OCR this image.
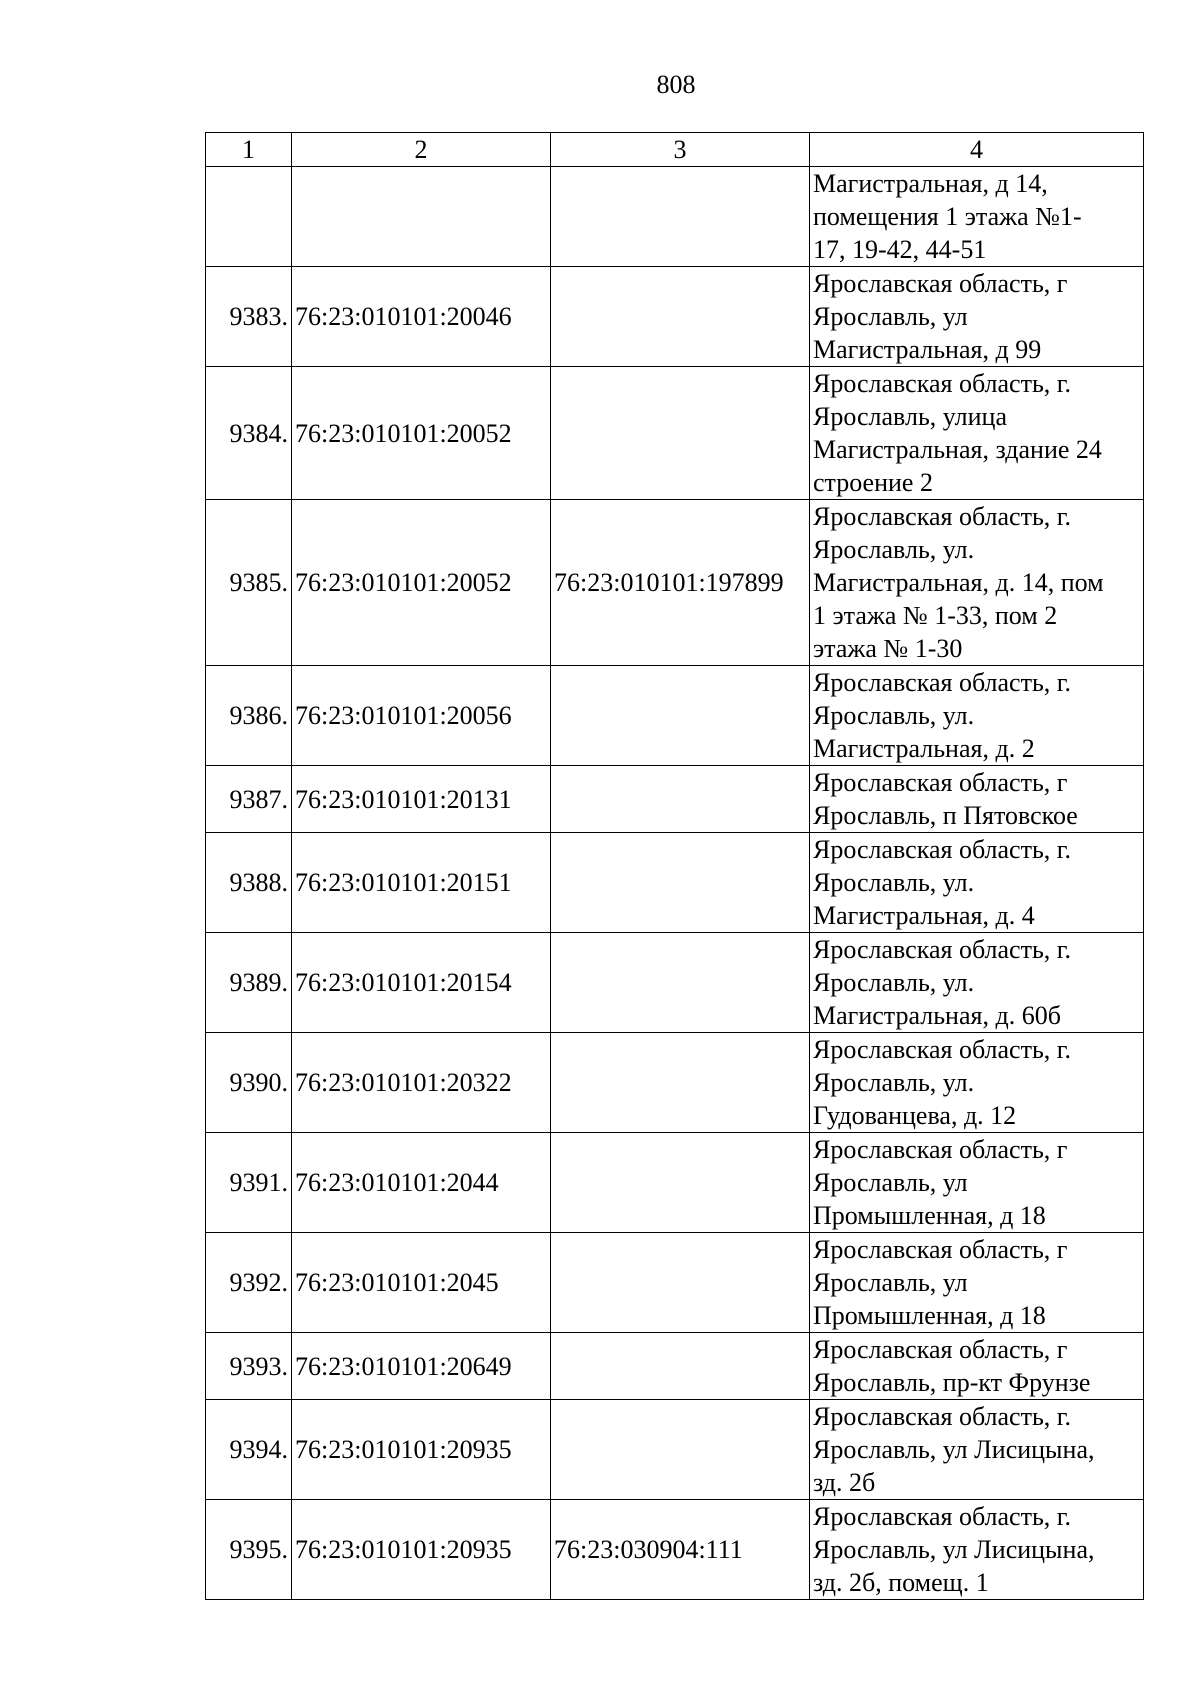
808
1	2	3	4

			Магистральная, д 14,
помещения 1 этажа №1-
17, 19-42, 44-51

9383.	76:23:010101:20046		Ярославская область, г
Ярославль, ул
Магистральная, д 99

9384.	76:23:010101:20052		Ярославская область, г.
Ярославль, улица
Магистральная, здание 24
строение 2

9385.	76:23:010101:20052	76:23:010101:197899	Ярославская область, г.
Ярославль, ул.
Магистральная, д. 14, пом
1 этажа № 1-33, пом 2
этажа № 1-30

9386.	76:23:010101:20056		Ярославская область, г.
Ярославль, ул.
Магистральная, д. 2

9387.	76:23:010101:20131		Ярославская область, г
Ярославль, п Пятовское

9388.	76:23:010101:20151		Ярославская область, г.
Ярославль, ул.
Магистральная, д. 4

9389.	76:23:010101:20154		Ярославская область, г.
Ярославль, ул.
Магистральная, д. 60б

9390.	76:23:010101:20322		Ярославская область, г.
Ярославль, ул.
Гудованцева, д. 12

9391.	76:23:010101:2044		Ярославская область, г
Ярославль, ул
Промышленная, д 18

9392.	76:23:010101:2045		Ярославская область, г
Ярославль, ул
Промышленная, д 18

9393.	76:23:010101:20649		Ярославская область, г
Ярославль, пр-кт Фрунзе

9394.	76:23:010101:20935		Ярославская область, г.
Ярославль, ул Лисицына,
зд. 2б

9395.	76:23:010101:20935	76:23:030904:111	Ярославская область, г.
Ярославль, ул Лисицына,
зд. 2б, помещ. 1
